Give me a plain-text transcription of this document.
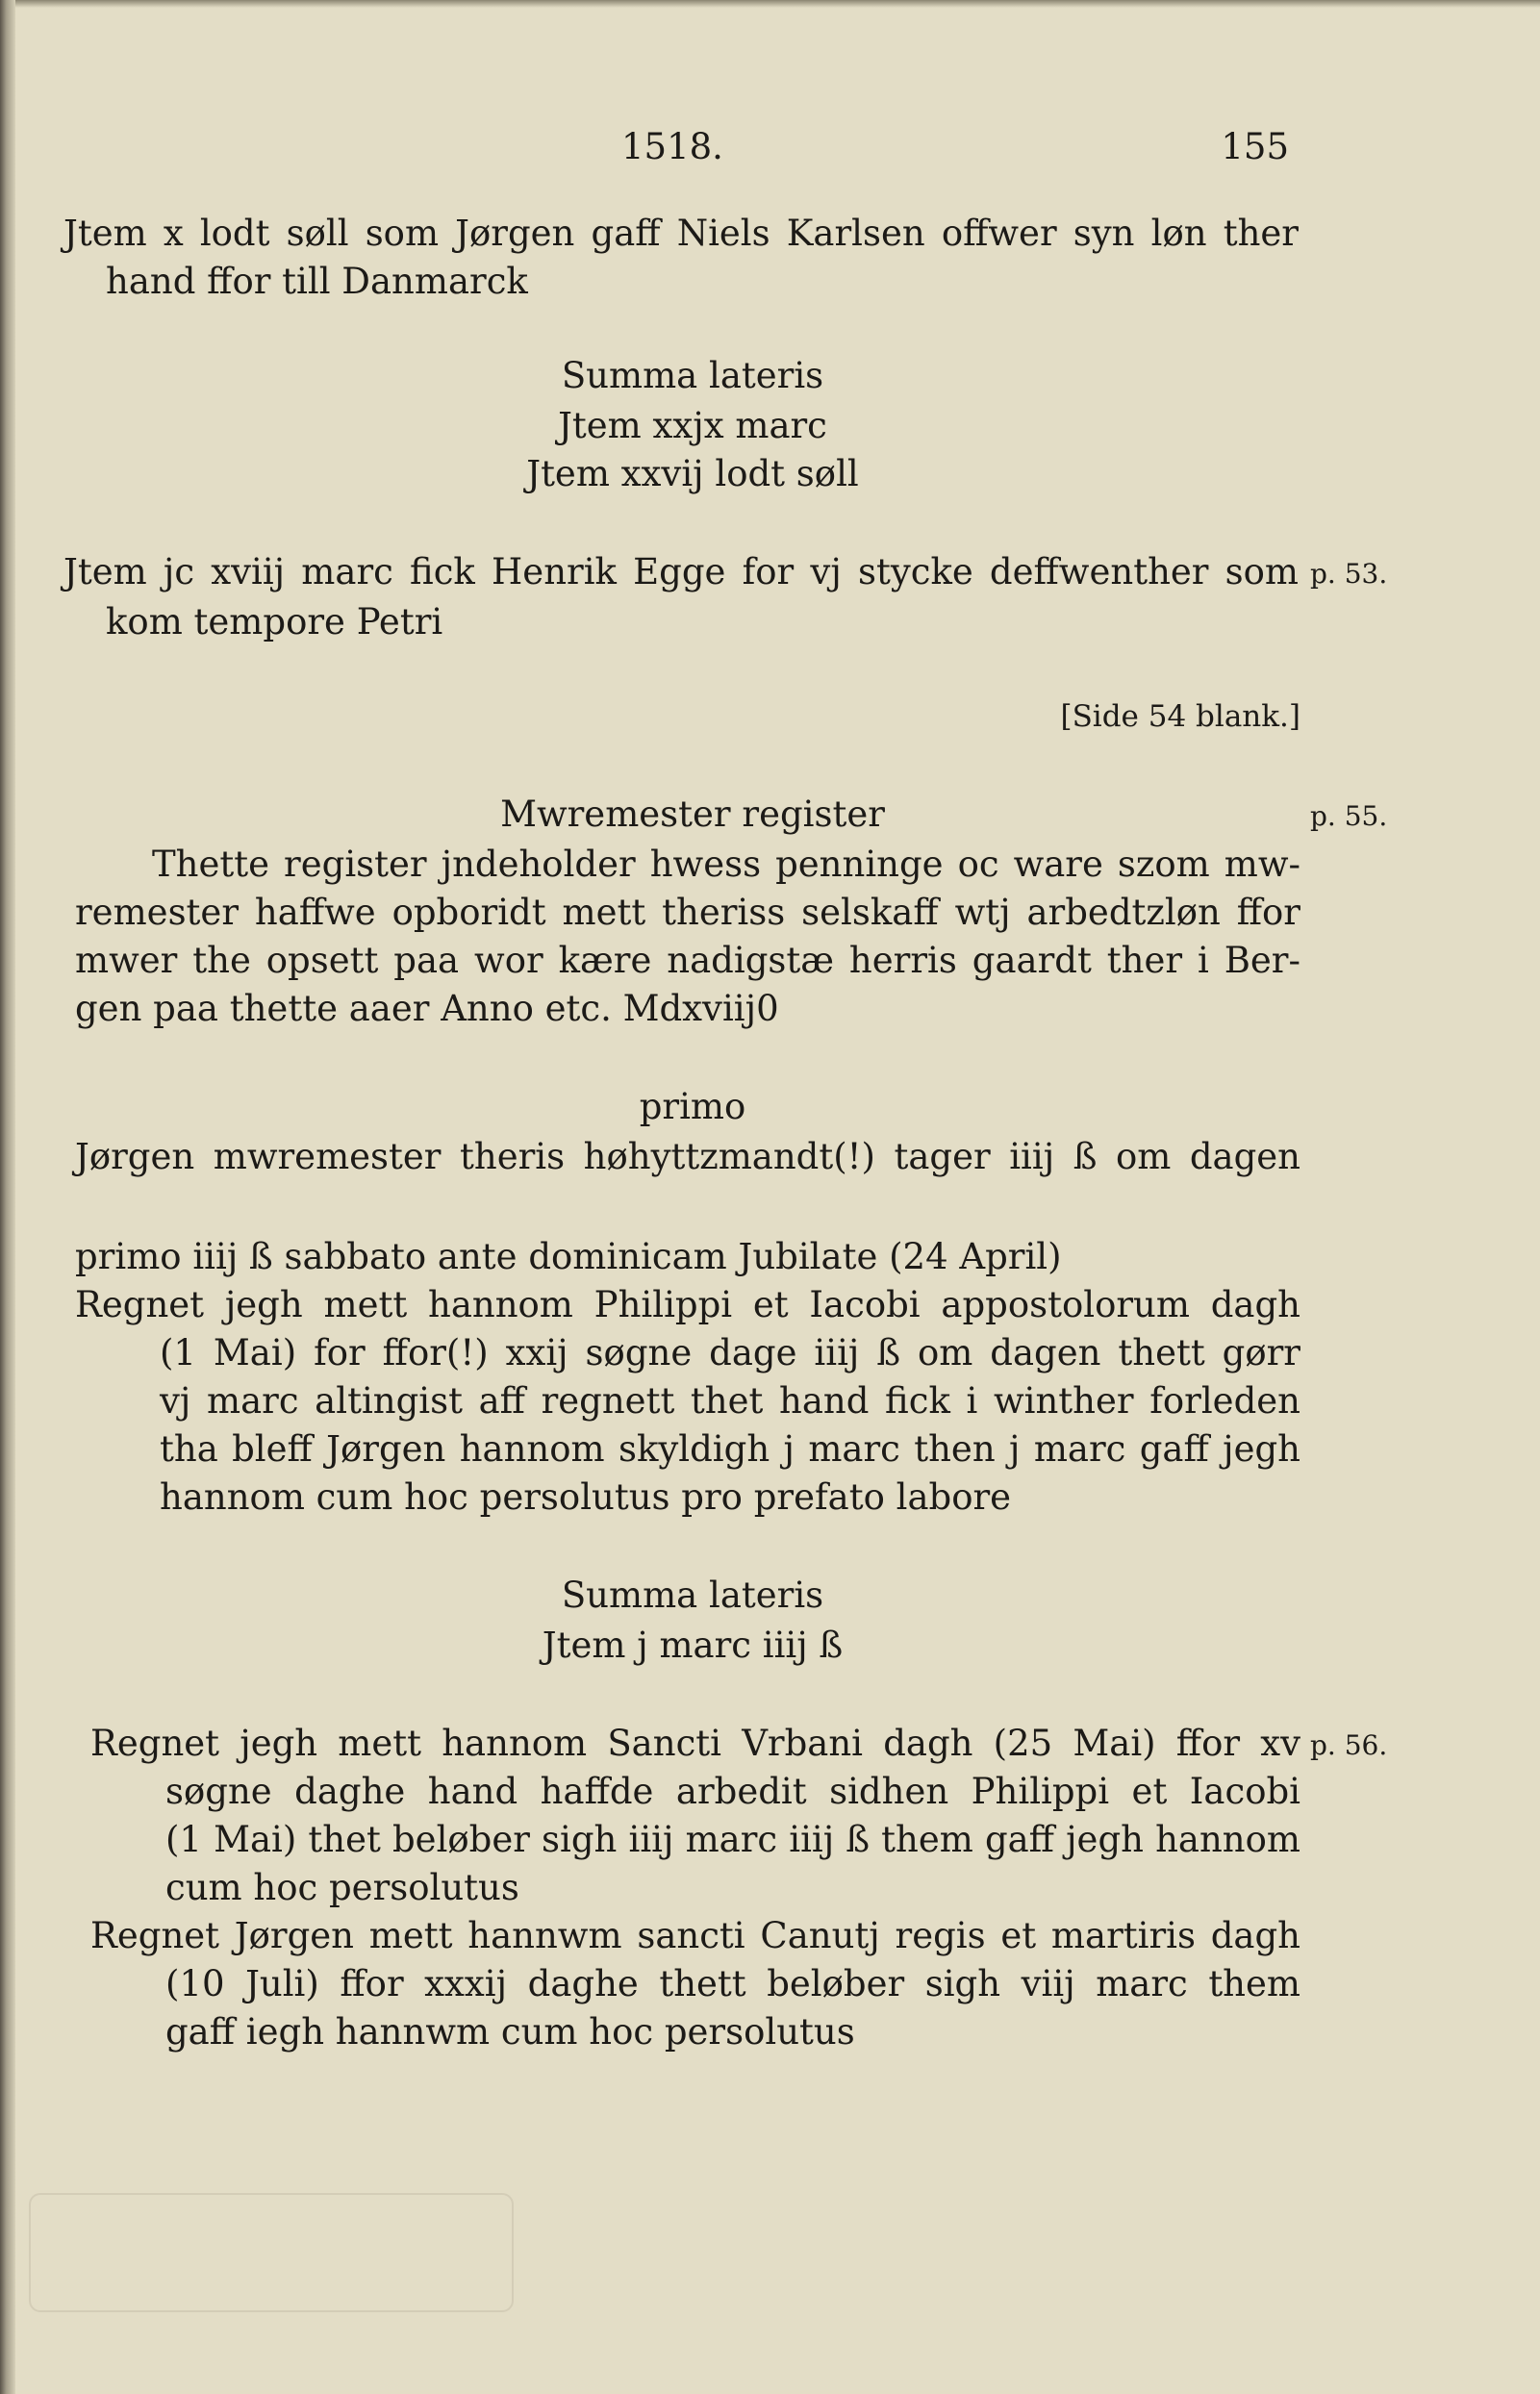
1518.	155

Jtem x lodt søll som Jørgen gaff Niels Karlsen offwer syn løn ther

hand ffor till Danmarck

Summa lateris

Jtem xxjx marc

Jtem xxvij lodt søll

Jtem jc xviij marc fick Henrik Egge for vj stycke deffwenther som p. 53.

kom tempore Petri

[Side 54 blank.]

Mwremester register	p. 55.

Thette register jndeholder hwess penninge oc ware szom mw-

remester haffwe opboridt mett theriss selskaff wtj arbedtzløn ffor

mwer the opsett paa wor kære nadigstæ herris gaardt ther i Ber-

gen paa thette aaer Anno etc. Mdxviij0

primo

Jørgen mwremester theris høhyttzmandt(!) tager iiij ß om dagen

primo iiij ß sabbato ante dominicam Jubilate (24 April)

Regnet jegh mett hannom Philippi et Iacobi appostolorum dagh

(1 Mai) for ffor(!) xxij søgne dage iiij ß om dagen thett gørr

vj marc altingist aff regnett thet hand fick i winther forleden

tha bleff Jørgen hannom skyldigh j marc then j marc gaff jegh

hannom cum hoc persolutus pro prefato labore

Summa lateris

Jtem j marc iiij ß

Regnet jegh mett hannom Sancti Vrbani dagh (25 Mai) ffor xv p. 56.

søgne daghe hand haffde arbedit sidhen Philippi et Iacobi

(1 Mai) thet beløber sigh iiij marc iiij ß them gaff jegh hannom

cum hoc persolutus

Regnet Jørgen mett hannwm sancti Canutj regis et martiris dagh

(10 Juli) ffor xxxij daghe thett beløber sigh viij marc them

gaff iegh hannwm cum hoc persolutus
